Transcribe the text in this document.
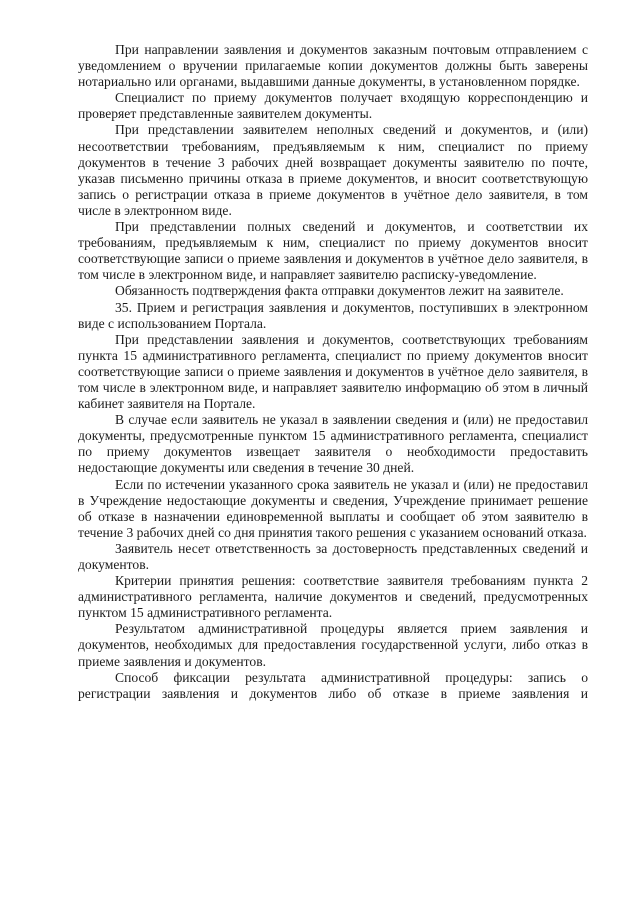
При направлении заявления и документов заказным почтовым отправлением с уведомлением о вручении прилагаемые копии документов должны быть заверены нотариально или органами, выдавшими данные документы, в установленном порядке.

Специалист по приему документов получает входящую корреспонденцию и проверяет представленные заявителем документы.

При представлении заявителем неполных сведений и документов, и (или) несоответствии требованиям, предъявляемым к ним, специалист по приему документов в течение 3 рабочих дней возвращает документы заявителю по почте, указав письменно причины отказа в приеме документов, и вносит соответствующую запись о регистрации отказа в приеме документов в учётное дело заявителя, в том числе в электронном виде.

При представлении полных сведений и документов, и соответствии их требованиям, предъявляемым к ним, специалист по приему документов вносит соответствующие записи о приеме заявления и документов в учётное дело заявителя, в том числе в электронном виде, и направляет заявителю расписку-уведомление.

Обязанность подтверждения факта отправки документов лежит на заявителе.

35. Прием и регистрация заявления и документов, поступивших в электронном виде с использованием Портала.

При представлении заявления и документов, соответствующих требованиям пункта 15 административного регламента, специалист по приему документов вносит соответствующие записи о приеме заявления и документов в учётное дело заявителя, в том числе в электронном виде, и направляет заявителю информацию об этом в личный кабинет заявителя на Портале.

В случае если заявитель не указал в заявлении сведения и (или) не предоставил документы, предусмотренные пунктом 15 административного регламента, специалист по приему документов извещает заявителя о необходимости предоставить недостающие документы или сведения в течение 30 дней.

Если по истечении указанного срока заявитель не указал и (или) не предоставил в Учреждение недостающие документы и сведения, Учреждение принимает решение об отказе в назначении единовременной выплаты и сообщает об этом заявителю в течение 3 рабочих дней со дня принятия такого решения с указанием оснований отказа.

Заявитель несет ответственность за достоверность представленных сведений и документов.

Критерии принятия решения: соответствие заявителя требованиям пункта 2 административного регламента, наличие документов и сведений, предусмотренных пунктом 15 административного регламента.

Результатом административной процедуры является прием заявления и документов, необходимых для предоставления государственной услуги, либо отказ в приеме заявления и документов.

Способ фиксации результата административной процедуры: запись о регистрации заявления и документов либо об отказе в приеме заявления и
